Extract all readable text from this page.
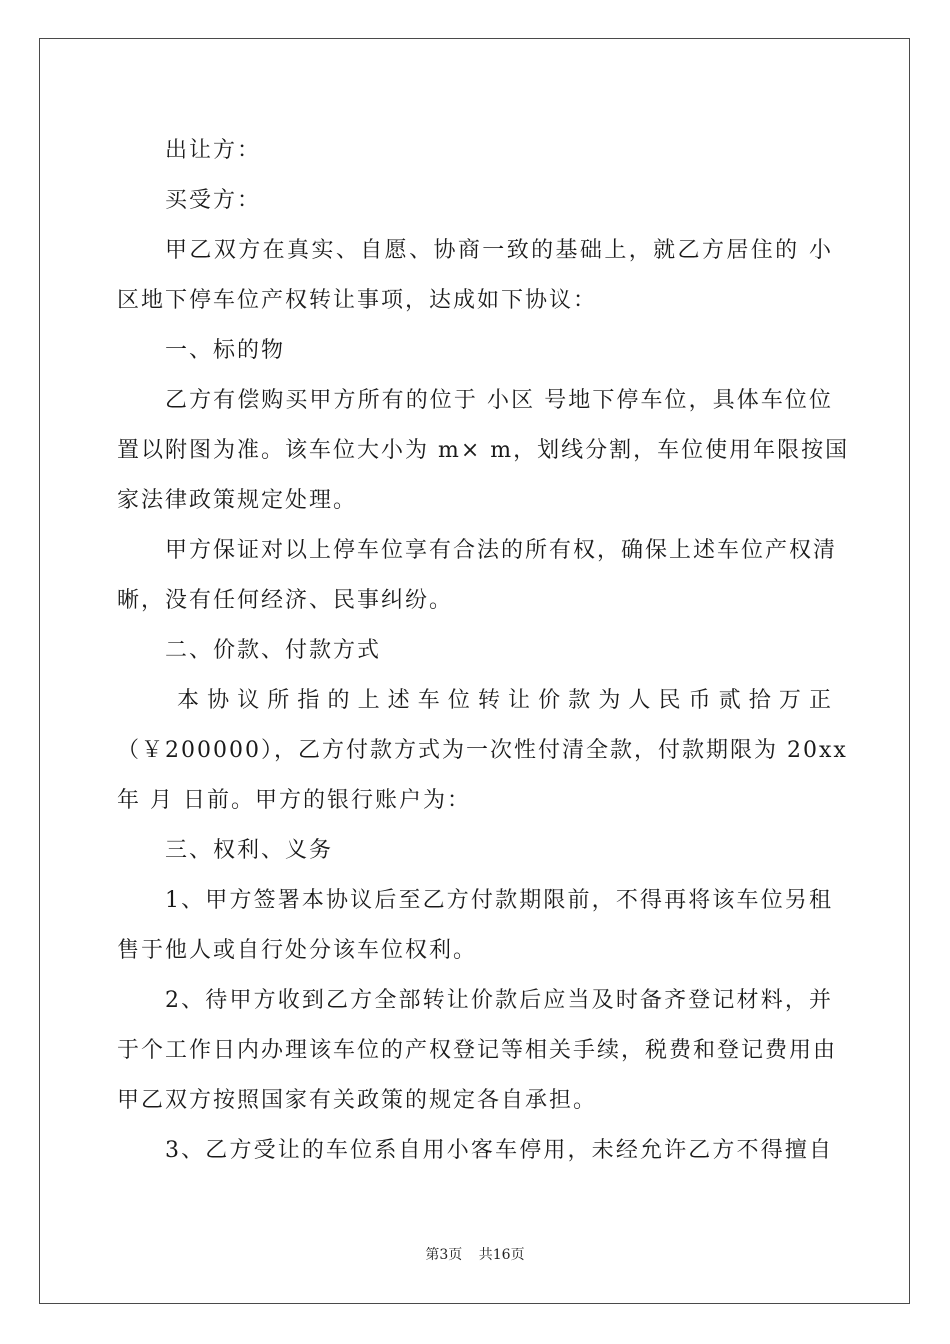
出让方：
买受方：
甲乙双方在真实、自愿、协商一致的基础上，就乙方居住的 小
区地下停车位产权转让事项，达成如下协议：
一、标的物
乙方有偿购买甲方所有的位于 小区 号地下停车位，具体车位位
置以附图为准。该车位大小为 m× m，划线分割，车位使用年限按国
家法律政策规定处理。
甲方保证对以上停车位享有合法的所有权，确保上述车位产权清
晰，没有任何经济、民事纠纷。
二、价款、付款方式
本协议所指的上述车位转让价款为人民币贰拾万正
（￥200000），乙方付款方式为一次性付清全款，付款期限为 20xx
年 月 日前。甲方的银行账户为：
三、权利、义务
1、甲方签署本协议后至乙方付款期限前，不得再将该车位另租
售于他人或自行处分该车位权利。
2、待甲方收到乙方全部转让价款后应当及时备齐登记材料，并
于个工作日内办理该车位的产权登记等相关手续，税费和登记费用由
甲乙双方按照国家有关政策的规定各自承担。
3、乙方受让的车位系自用小客车停用，未经允许乙方不得擅自
第3页 共16页
